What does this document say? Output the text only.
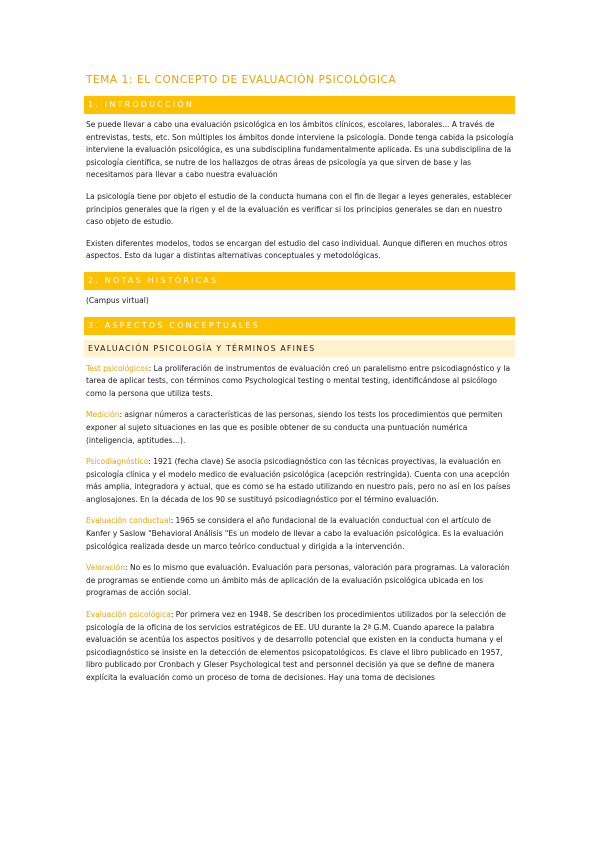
TEMA 1: EL CONCEPTO DE EVALUACIÓN PSICOLÓGICA
1. INTRODUCCIÓN

Se puede llevar a cabo una evaluación psicológica en los ámbitos clínicos, escolares, laborales... A través de entrevistas, tests, etc. Son múltiples los ámbitos donde interviene la psicología. Donde tenga cabida la psicología interviene la evaluación psicológica, es una subdisciplina fundamentalmente aplicada. Es una subdisciplina de la psicología científica, se nutre de los hallazgos de otras áreas de psicología ya que sirven de base y las necesitamos para llevar a cabo nuestra evaluación

La psicología tiene por objeto el estudio de la conducta humana con el fin de llegar a leyes generales, establecer principios generales que la rigen y el de la evaluación es verificar si los principios generales se dan en nuestro caso objeto de estudio.

Existen diferentes modelos, todos se encargan del estudio del caso individual. Aunque difieren en muchos otros aspectos. Esto da lugar a distintas alternativas conceptuales y metodológicas.

2. NOTAS HISTÓRICAS

(Campus virtual)

3. ASPECTOS CONCEPTUALES
EVALUACIÓN PSICOLOGÍA Y TÉRMINOS AFINES

Test psicológicos: La proliferación de instrumentos de evaluación creó un paralelismo entre psicodiagnóstico y la tarea de aplicar tests, con términos como Psychological testing o mental testing, identificándose al psicólogo como la persona que utiliza tests.

Medición: asignar números a características de las personas, siendo los tests los procedimientos que permiten exponer al sujeto situaciones en las que es posible obtener de su conducta una puntuación numérica (inteligencia, aptitudes…).

Psicodiagnóstico: 1921 (fecha clave) Se asocia psicodiagnóstico con las técnicas proyectivas, la evaluación en psicología clínica y el modelo medico de evaluación psicológica (acepción restringida). Cuenta con una acepción más amplia, integradora y actual, que es como se ha estado utilizando en nuestro país, pero no así en los países anglosajones. En la década de los 90 se sustituyó psicodiagnóstico por el término evaluación.

Evaluación conductual: 1965 se considera el año fundacional de la evaluación conductual con el artículo de Kanfer y Saslow "Behavioral Análisis "Es un modelo de llevar a cabo la evaluación psicológica. Es la evaluación psicológica realizada desde un marco teórico conductual y dirigida a la intervención.

Valoración: No es lo mismo que evaluación. Evaluación para personas, valoración para programas. La valoración de programas se entiende como un ámbito más de aplicación de la evaluación psicológica ubicada en los programas de acción social.

Evaluación psicológica: Por primera vez en 1948. Se describen los procedimientos utilizados por la selección de psicología de la oficina de los servicios estratégicos de EE. UU durante la 2ª G.M. Cuando aparece la palabra evaluación se acentúa los aspectos positivos y de desarrollo potencial que existen en la conducta humana y el psicodiagnóstico se insiste en la detección de elementos psicopatológicos. Es clave el libro publicado en 1957, libro publicado por Cronbach y Gleser Psychological test and personnel decisión ya que se define de manera explícita la evaluación como un proceso de toma de decisiones. Hay una toma de decisiones
